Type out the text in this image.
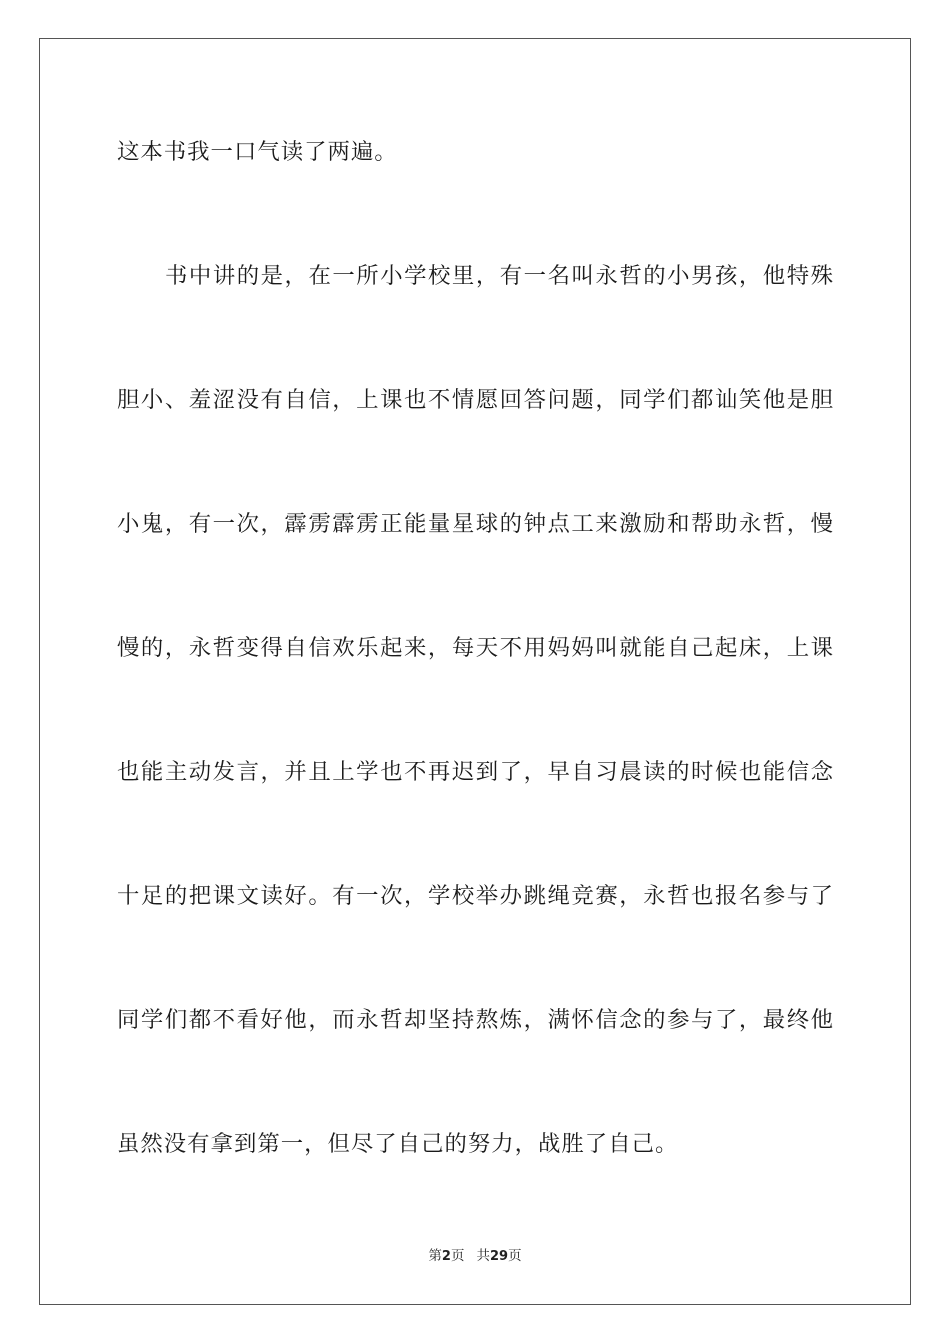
这本书我一口气读了两遍。
书中讲的是，在一所小学校里，有一名叫永哲的小男孩，他特殊
胆小、羞涩没有自信，上课也不情愿回答问题，同学们都讪笑他是胆
小鬼，有一次，霹雳霹雳正能量星球的钟点工来激励和帮助永哲，慢
慢的，永哲变得自信欢乐起来，每天不用妈妈叫就能自己起床，上课
也能主动发言，并且上学也不再迟到了，早自习晨读的时候也能信念
十足的把课文读好。有一次，学校举办跳绳竞赛，永哲也报名参与了
同学们都不看好他，而永哲却坚持熬炼，满怀信念的参与了，最终他
虽然没有拿到第一，但尽了自己的努力，战胜了自己。
第2页 共29页
